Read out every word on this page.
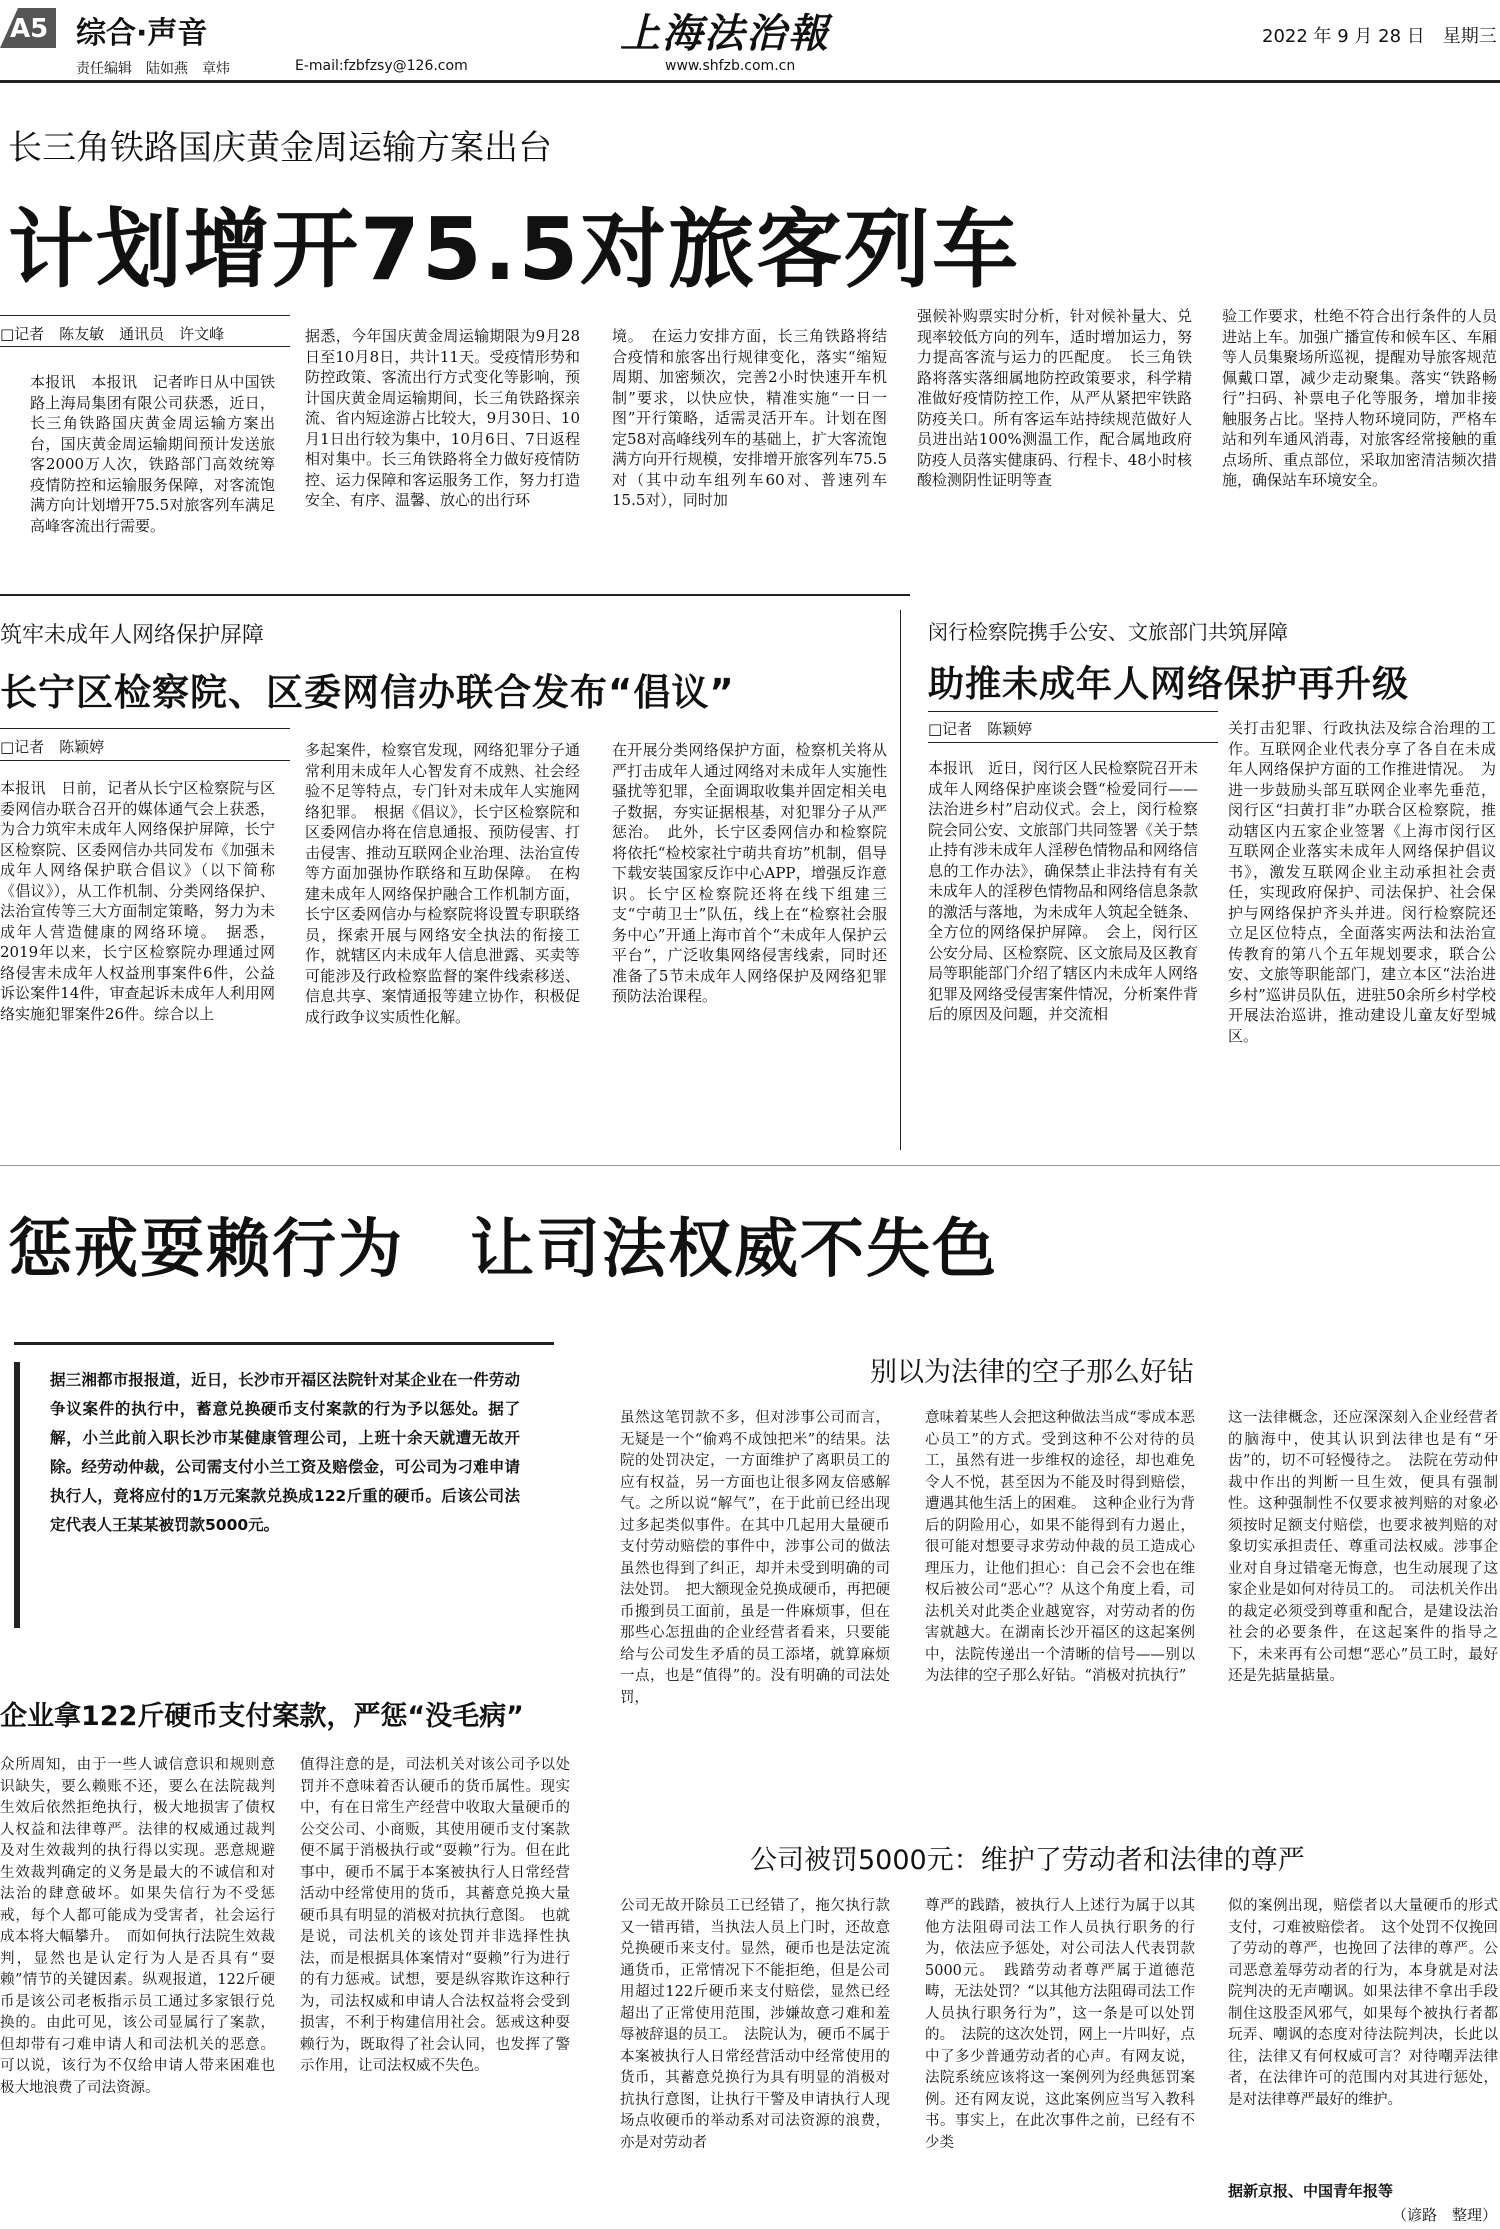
A5 综合·声音
责任编辑　陆如燕　章炜	E-mail:fzbfzsy@126.com
上海法治報
www.shfzb.com.cn
2022 年 9 月 28 日　星期三
长三角铁路国庆黄金周运输方案出台
计划增开75.5对旅客列车
□记者　陈友敏　通讯员　许文峰
本报讯　本报讯　记者昨日从中国铁路上海局集团有限公司获悉，近日，长三角铁路国庆黄金周运输方案出台，国庆黄金周运输期间预计发送旅客2000万人次，铁路部门高效统筹疫情防控和运输服务保障，对客流饱满方向计划增开75.5对旅客列车满足高峰客流出行需要。
据悉，今年国庆黄金周运输期限为9月28日至10月8日，共计11天。受疫情形势和防控政策、客流出行方式变化等影响，预计国庆黄金周运输期间，长三角铁路探亲流、省内短途游占比较大，9月30日、10月1日出行较为集中，10月6日、7日返程相对集中。长三角铁路将全力做好疫情防控、运力保障和客运服务工作，努力打造安全、有序、温馨、放心的出行环
境。　在运力安排方面，长三角铁路将结合疫情和旅客出行规律变化，落实“缩短周期、加密频次，完善2小时快速开车机制”要求，以快应快，精准实施“一日一图”开行策略，适需灵活开车。计划在图定58对高峰线列车的基础上，扩大客流饱满方向开行规模，安排增开旅客列车75.5对（其中动车组列车60对、普速列车15.5对），同时加
强候补购票实时分析，针对候补量大、兑现率较低方向的列车，适时增加运力，努力提高客流与运力的匹配度。　长三角铁路将落实落细属地防控政策要求，科学精准做好疫情防控工作，从严从紧把牢铁路防疫关口。所有客运车站持续规范做好人员进出站100%测温工作，配合属地政府防疫人员落实健康码、行程卡、48小时核酸检测阴性证明等查
验工作要求，杜绝不符合出行条件的人员进站上车。加强广播宣传和候车区、车厢等人员集聚场所巡视，提醒劝导旅客规范佩戴口罩，减少走动聚集。落实“铁路畅行”扫码、补票电子化等服务，增加非接触服务占比。坚持人物环境同防，严格车站和列车通风消毒，对旅客经常接触的重点场所、重点部位，采取加密清洁频次措施，确保站车环境安全。
筑牢未成年人网络保护屏障
长宁区检察院、区委网信办联合发布“倡议”
□记者　陈颖婷
本报讯　日前，记者从长宁区检察院与区委网信办联合召开的媒体通气会上获悉，为合力筑牢未成年人网络保护屏障，长宁区检察院、区委网信办共同发布《加强未成年人网络保护联合倡议》（以下简称《倡议》），从工作机制、分类网络保护、法治宣传等三大方面制定策略，努力为未成年人营造健康的网络环境。　据悉，2019年以来，长宁区检察院办理通过网络侵害未成年人权益刑事案件6件，公益诉讼案件14件，审查起诉未成年人利用网络实施犯罪案件26件。综合以上
多起案件，检察官发现，网络犯罪分子通常利用未成年人心智发育不成熟、社会经验不足等特点，专门针对未成年人实施网络犯罪。　根据《倡议》，长宁区检察院和区委网信办将在信息通报、预防侵害、打击侵害、推动互联网企业治理、法治宣传等方面加强协作联络和互助保障。　在构建未成年人网络保护融合工作机制方面，长宁区委网信办与检察院将设置专职联络员，探索开展与网络安全执法的衔接工作，就辖区内未成年人信息泄露、买卖等可能涉及行政检察监督的案件线索移送、信息共享、案情通报等建立协作，积极促成行政争议实质性化解。
在开展分类网络保护方面，检察机关将从严打击成年人通过网络对未成年人实施性骚扰等犯罪，全面调取收集并固定相关电子数据，夯实证据根基，对犯罪分子从严惩治。　此外，长宁区委网信办和检察院将依托“检校家社宁萌共育坊”机制，倡导下载安装国家反诈中心APP，增强反诈意识。长宁区检察院还将在线下组建三支“宁萌卫士”队伍，线上在“检察社会服务中心”开通上海市首个“未成年人保护云平台”，广泛收集网络侵害线索，同时还准备了5节未成年人网络保护及网络犯罪预防法治课程。
闵行检察院携手公安、文旅部门共筑屏障
助推未成年人网络保护再升级
□记者　陈颖婷
本报讯　近日，闵行区人民检察院召开未成年人网络保护座谈会暨“检爱同行——法治进乡村”启动仪式。会上，闵行检察院会同公安、文旅部门共同签署《关于禁止持有涉未成年人淫秽色情物品和网络信息的工作办法》，确保禁止非法持有有关未成年人的淫秽色情物品和网络信息条款的激活与落地，为未成年人筑起全链条、全方位的网络保护屏障。　会上，闵行区公安分局、区检察院、区文旅局及区教育局等职能部门介绍了辖区内未成年人网络犯罪及网络受侵害案件情况，分析案件背后的原因及问题，并交流相
关打击犯罪、行政执法及综合治理的工作。互联网企业代表分享了各自在未成年人网络保护方面的工作推进情况。　为进一步鼓励头部互联网企业率先垂范，闵行区“扫黄打非”办联合区检察院，推动辖区内五家企业签署《上海市闵行区互联网企业落实未成年人网络保护倡议书》，激发互联网企业主动承担社会责任，实现政府保护、司法保护、社会保护与网络保护齐头并进。闵行检察院还立足区位特点，全面落实两法和法治宣传教育的第八个五年规划要求，联合公安、文旅等职能部门，建立本区“法治进乡村”巡讲员队伍，进驻50余所乡村学校开展法治巡讲，推动建设儿童友好型城区。
惩戒耍赖行为　让司法权威不失色
据三湘都市报报道，近日，长沙市开福区法院针对某企业在一件劳动争议案件的执行中，蓄意兑换硬币支付案款的行为予以惩处。据了解，小兰此前入职长沙市某健康管理公司，上班十余天就遭无故开除。经劳动仲裁，公司需支付小兰工资及赔偿金，可公司为刁难申请执行人，竟将应付的1万元案款兑换成122斤重的硬币。后该公司法定代表人王某某被罚款5000元。
企业拿122斤硬币支付案款，严惩“没毛病”
众所周知，由于一些人诚信意识和规则意识缺失，要么赖账不还，要么在法院裁判生效后依然拒绝执行，极大地损害了债权人权益和法律尊严。法律的权威通过裁判及对生效裁判的执行得以实现。恶意规避生效裁判确定的义务是最大的不诚信和对法治的肆意破坏。如果失信行为不受惩戒，每个人都可能成为受害者，社会运行成本将大幅攀升。　而如何执行法院生效裁判，显然也是认定行为人是否具有“耍赖”情节的关键因素。纵观报道，122斤硬币是该公司老板指示员工通过多家银行兑换的。由此可见，该公司显属行了案款，但却带有刁难申请人和司法机关的恶意。可以说，该行为不仅给申请人带来困难也极大地浪费了司法资源。
值得注意的是，司法机关对该公司予以处罚并不意味着否认硬币的货币属性。现实中，有在日常生产经营中收取大量硬币的公交公司、小商贩，其使用硬币支付案款便不属于消极执行或“耍赖”行为。但在此事中，硬币不属于本案被执行人日常经营活动中经常使用的货币，其蓄意兑换大量硬币具有明显的消极对抗执行意图。　也就是说，司法机关的该处罚并非选择性执法，而是根据具体案情对“耍赖”行为进行的有力惩戒。试想，要是纵容欺诈这种行为，司法权威和申请人合法权益将会受到损害，不利于构建信用社会。惩戒这种耍赖行为，既取得了社会认同，也发挥了警示作用，让司法权威不失色。
别以为法律的空子那么好钻
虽然这笔罚款不多，但对涉事公司而言，无疑是一个“偷鸡不成蚀把米”的结果。法院的处罚决定，一方面维护了离职员工的应有权益，另一方面也让很多网友倍感解气。之所以说“解气”，在于此前已经出现过多起类似事件。在其中几起用大量硬币支付劳动赔偿的事件中，涉事公司的做法虽然也得到了纠正，却并未受到明确的司法处罚。　把大额现金兑换成硬币，再把硬币搬到员工面前，虽是一件麻烦事，但在那些心怎扭曲的企业经营者看来，只要能给与公司发生矛盾的员工添堵，就算麻烦一点，也是“值得”的。没有明确的司法处罚，
意味着某些人会把这种做法当成“零成本恶心员工”的方式。受到这种不公对待的员工，虽然有进一步维权的途径，却也难免令人不悦，甚至因为不能及时得到赔偿，遭遇其他生活上的困难。　这种企业行为背后的阴险用心，如果不能得到有力遏止，很可能对想要寻求劳动仲裁的员工造成心理压力，让他们担心：自己会不会也在维权后被公司“恶心”？从这个角度上看，司法机关对此类企业越宽容，对劳动者的伤害就越大。在湖南长沙开福区的这起案例中，法院传递出一个清晰的信号——别以为法律的空子那么好钻。“消极对抗执行”
这一法律概念，还应深深刻入企业经营者的脑海中，使其认识到法律也是有“牙齿”的，切不可轻慢待之。　法院在劳动仲裁中作出的判断一旦生效，便具有强制性。这种强制性不仅要求被判赔的对象必须按时足额支付赔偿，也要求被判赔的对象切实承担责任、尊重司法权威。涉事企业对自身过错毫无悔意，也生动展现了这家企业是如何对待员工的。　司法机关作出的裁定必须受到尊重和配合，是建设法治社会的必要条件，在这起案件的指导之下，未来再有公司想“恶心”员工时，最好还是先掂量掂量。
公司被罚5000元：维护了劳动者和法律的尊严
公司无故开除员工已经错了，拖欠执行款又一错再错，当执法人员上门时，还故意兑换硬币来支付。显然，硬币也是法定流通货币，正常情况下不能拒绝，但是公司用超过122斤硬币来支付赔偿，显然已经超出了正常使用范围，涉嫌故意刁难和羞辱被辞退的员工。　法院认为，硬币不属于本案被执行人日常经营活动中经常使用的货币，其蓄意兑换行为具有明显的消极对抗执行意图，让执行干警及申请执行人现场点收硬币的举动系对司法资源的浪费，亦是对劳动者
尊严的践踏，被执行人上述行为属于以其他方法阻碍司法工作人员执行职务的行为，依法应予惩处，对公司法人代表罚款5000元。　践踏劳动者尊严属于道德范畴，无法处罚？“以其他方法阻碍司法工作人员执行职务行为”，这一条是可以处罚的。　法院的这次处罚，网上一片叫好，点中了多少普通劳动者的心声。有网友说，法院系统应该将这一案例列为经典惩罚案例。还有网友说，这此案例应当写入教科书。事实上，在此次事件之前，已经有不少类
似的案例出现，赔偿者以大量硬币的形式支付，刁难被赔偿者。　这个处罚不仅挽回了劳动的尊严，也挽回了法律的尊严。公司恶意羞辱劳动者的行为，本身就是对法院判决的无声嘲讽。如果法律不拿出手段制住这股歪风邪气，如果每个被执行者都玩弄、嘲讽的态度对待法院判决，长此以往，法律又有何权威可言？对待嘲弄法律者，在法律许可的范围内对其进行惩处，是对法律尊严最好的维护。
据新京报、中国青年报等
（谚路　整理）
